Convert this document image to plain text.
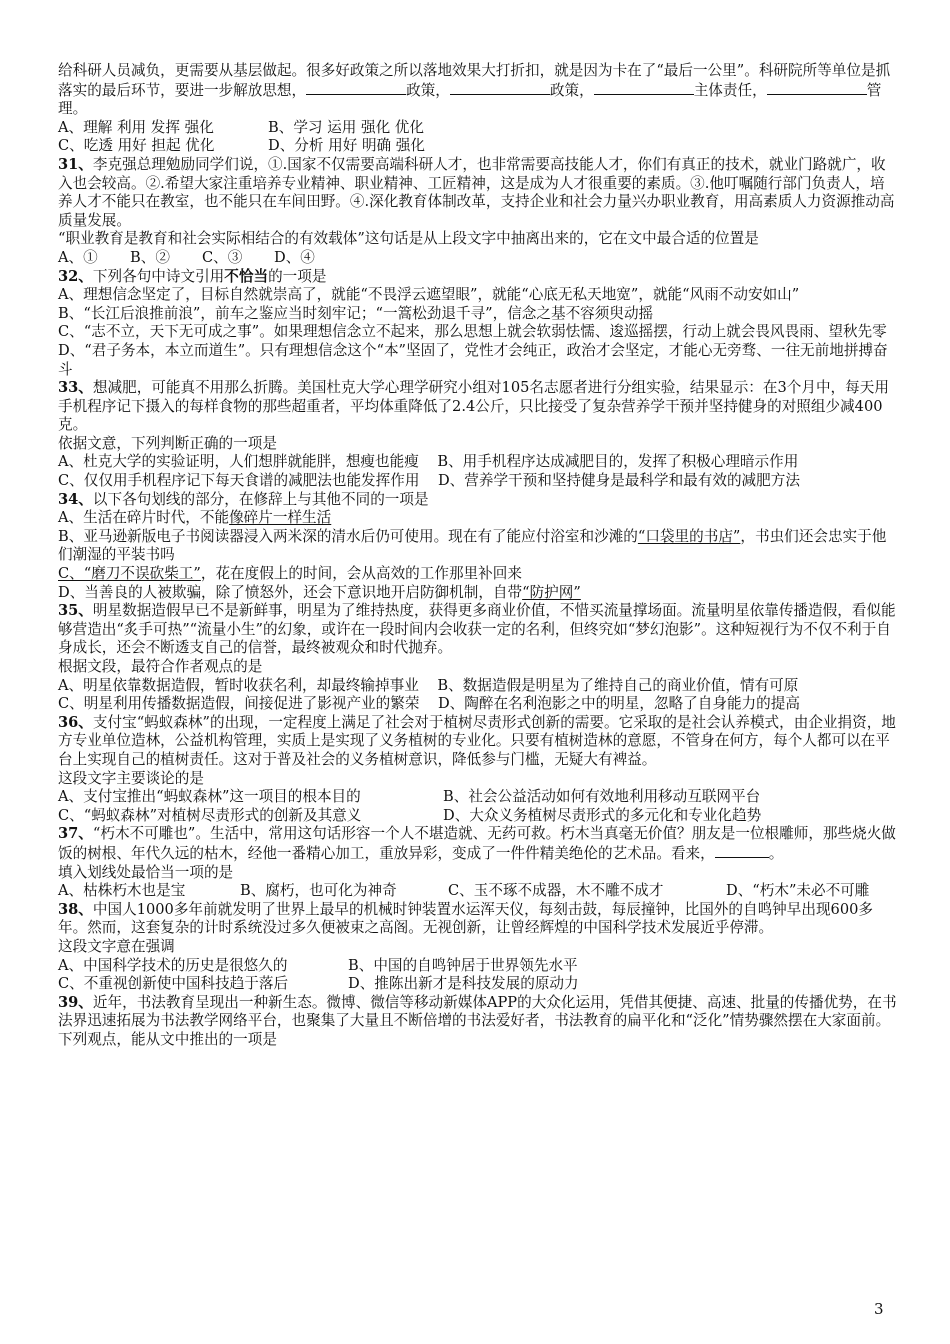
给科研人员减负，更需要从基层做起。很多好政策之所以落地效果大打折扣，就是因为卡在了“最后一公里”。科研院所等单位是抓落实的最后环节，要进一步解放思想，	政策，	政策，	主体责任，	管理。

A、理解 利用 发挥 强化	B、学习 运用 强化 优化
C、吃透 用好 担起 优化	D、分析 用好 明确 强化

31、李克强总理勉励同学们说，①.国家不仅需要高端科研人才，也非常需要高技能人才，你们有真正的技术，就业门路就广，收入也会较高。②.希望大家注重培养专业精神、职业精神、工匠精神，这是成为人才很重要的素质。③.他叮嘱随行部门负责人，培养人才不能只在教室，也不能只在车间田野。④.深化教育体制改革，支持企业和社会力量兴办职业教育，用高素质人力资源推动高质量发展。

“职业教育是教育和社会实际相结合的有效载体”这句话是从上段文字中抽离出来的，它在文中最合适的位置是

A、①	B、②	C、③	D、④

32、下列各句中诗文引用不恰当的一项是

A、理想信念坚定了，目标自然就崇高了，就能“不畏浮云遮望眼”，就能“心底无私天地宽”，就能“风雨不动安如山”

B、“长江后浪推前浪”，前车之鉴应当时刻牢记；“一篙松劲退千寻”，信念之基不容须臾动摇

C、“志不立，天下无可成之事”。如果理想信念立不起来，那么思想上就会软弱怯懦、逡巡摇摆，行动上就会畏风畏雨、望秋先零

D、“君子务本，本立而道生”。只有理想信念这个“本”坚固了，党性才会纯正，政治才会坚定，才能心无旁骛、一往无前地拼搏奋斗

33、想减肥，可能真不用那么折腾。美国杜克大学心理学研究小组对105名志愿者进行分组实验，结果显示：在3个月中，每天用手机程序记下摄入的每样食物的那些超重者，平均体重降低了2.4公斤，只比接受了复杂营养学干预并坚持健身的对照组少减400克。

依据文意，下列判断正确的一项是

A、杜克大学的实验证明，人们想胖就能胖，想瘦也能瘦 B、用手机程序达成减肥目的，发挥了积极心理暗示作用

C、仅仅用手机程序记下每天食谱的减肥法也能发挥作用 D、营养学干预和坚持健身是最科学和最有效的减肥方法

34、以下各句划线的部分，在修辞上与其他不同的一项是

A、生活在碎片时代，不能像碎片一样生活

B、亚马逊新版电子书阅读器浸入两米深的清水后仍可使用。现在有了能应付浴室和沙滩的“口袋里的书店”，书虫们还会忠实于他们潮湿的平装书吗

C、“磨刀不误砍柴工”，花在度假上的时间，会从高效的工作那里补回来

D、当善良的人被欺骗，除了愤怒外，还会下意识地开启防御机制，自带“防护网”

35、明星数据造假早已不是新鲜事，明星为了维持热度，获得更多商业价值，不惜买流量撑场面。流量明星依靠传播造假，看似能够营造出“炙手可热”“流量小生”的幻象，或许在一段时间内会收获一定的名利，但终究如“梦幻泡影”。这种短视行为不仅不利于自身成长，还会不断透支自己的信誉，最终被观众和时代抛弃。

根据文段，最符合作者观点的是

A、明星依靠数据造假，暂时收获名利，却最终输掉事业 B、数据造假是明星为了维持自己的商业价值，情有可原

C、明星利用传播数据造假，间接促进了影视产业的繁荣 D、陶醉在名利泡影之中的明星，忽略了自身能力的提高

36、支付宝“蚂蚁森林”的出现，一定程度上满足了社会对于植树尽责形式创新的需要。它采取的是社会认养模式，由企业捐资，地方专业单位造林，公益机构管理，实质上是实现了义务植树的专业化。只要有植树造林的意愿，不管身在何方，每个人都可以在平台上实现自己的植树责任。这对于普及社会的义务植树意识，降低参与门槛，无疑大有裨益。

这段文字主要谈论的是

A、支付宝推出“蚂蚁森林”这一项目的根本目的	B、社会公益活动如何有效地利用移动互联网平台
C、“蚂蚁森林”对植树尽责形式的创新及其意义	D、大众义务植树尽责形式的多元化和专业化趋势

37、“朽木不可雕也”。生活中，常用这句话形容一个人不堪造就、无药可救。朽木当真毫无价值？朋友是一位根雕师，那些烧火做饭的树根、年代久远的枯木，经他一番精心加工，重放异彩，变成了一件件精美绝伦的艺术品。看来，	。

填入划线处最恰当一项的是

A、枯株朽木也是宝	B、腐朽，也可化为神奇	C、玉不琢不成器，木不雕不成才	D、“朽木”未必不可雕

38、中国人1000多年前就发明了世界上最早的机械时钟装置水运浑天仪，每刻击鼓，每辰撞钟，比国外的自鸣钟早出现600多年。然而，这套复杂的计时系统没过多久便被束之高阁。无视创新，让曾经辉煌的中国科学技术发展近乎停滞。

这段文字意在强调

A、中国科学技术的历史是很悠久的	B、中国的自鸣钟居于世界领先水平
C、不重视创新使中国科技趋于落后	D、推陈出新才是科技发展的原动力

39、近年，书法教育呈现出一种新生态。微博、微信等移动新媒体APP的大众化运用，凭借其便捷、高速、批量的传播优势，在书法界迅速拓展为书法教学网络平台，也聚集了大量且不断倍增的书法爱好者，书法教育的扁平化和“泛化”情势骤然摆在大家面前。

下列观点，能从文中推出的一项是

3
